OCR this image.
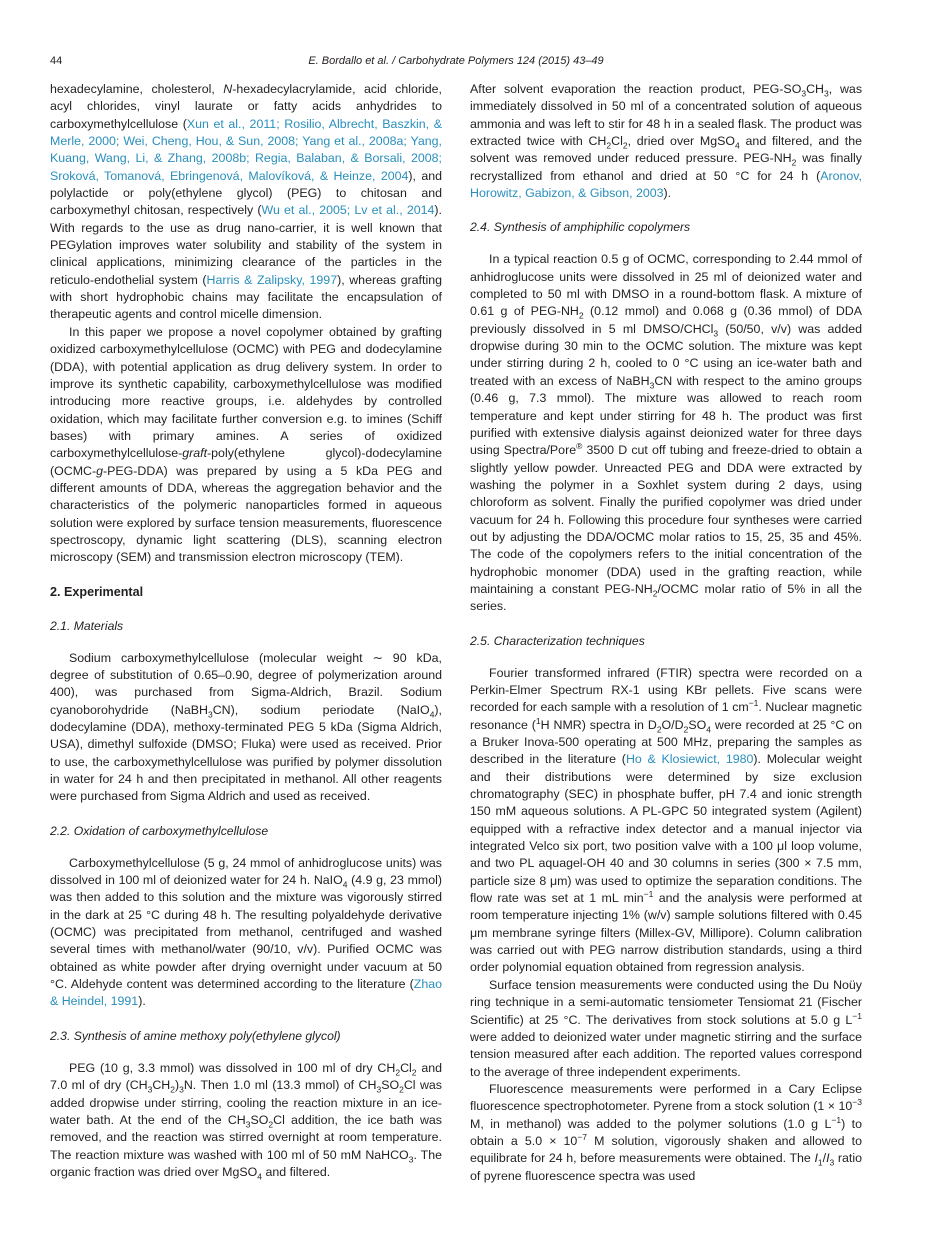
44	E. Bordallo et al. / Carbohydrate Polymers 124 (2015) 43–49

hexadecylamine, cholesterol, N-hexadecylacrylamide, acid chloride, acyl chlorides, vinyl laurate or fatty acids anhydrides to carboxymethylcellulose (Xun et al., 2011; Rosilio, Albrecht, Baszkin, & Merle, 2000; Wei, Cheng, Hou, & Sun, 2008; Yang et al., 2008a; Yang, Kuang, Wang, Li, & Zhang, 2008b; Regia, Balaban, & Borsali, 2008; Sroková, Tomanová, Ebringenová, Malovíková, & Heinze, 2004), and polylactide or poly(ethylene glycol) (PEG) to chitosan and carboxymethyl chitosan, respectively (Wu et al., 2005; Lv et al., 2014). With regards to the use as drug nano-carrier, it is well known that PEGylation improves water solubility and stability of the system in clinical applications, minimizing clearance of the particles in the reticulo-endothelial system (Harris & Zalipsky, 1997), whereas grafting with short hydrophobic chains may facilitate the encapsulation of therapeutic agents and control micelle dimension.

In this paper we propose a novel copolymer obtained by grafting oxidized carboxymethylcellulose (OCMC) with PEG and dodecylamine (DDA), with potential application as drug delivery system. In order to improve its synthetic capability, carboxymethylcellulose was modified introducing more reactive groups, i.e. aldehydes by controlled oxidation, which may facilitate further conversion e.g. to imines (Schiff bases) with primary amines. A series of oxidized carboxymethylcellulose-graft-poly(ethylene glycol)-dodecylamine (OCMC-g-PEG-DDA) was prepared by using a 5 kDa PEG and different amounts of DDA, whereas the aggregation behavior and the characteristics of the polymeric nanoparticles formed in aqueous solution were explored by surface tension measurements, fluorescence spectroscopy, dynamic light scattering (DLS), scanning electron microscopy (SEM) and transmission electron microscopy (TEM).

2. Experimental
2.1. Materials

Sodium carboxymethylcellulose (molecular weight ∼ 90 kDa, degree of substitution of 0.65–0.90, degree of polymerization around 400), was purchased from Sigma-Aldrich, Brazil. Sodium cyanoborohydride (NaBH$_3$CN), sodium periodate (NaIO$_4$), dodecylamine (DDA), methoxy-terminated PEG 5 kDa (Sigma Aldrich, USA), dimethyl sulfoxide (DMSO; Fluka) were used as received. Prior to use, the carboxymethylcellulose was purified by polymer dissolution in water for 24 h and then precipitated in methanol. All other reagents were purchased from Sigma Aldrich and used as received.

2.2. Oxidation of carboxymethylcellulose

Carboxymethylcellulose (5 g, 24 mmol of anhidroglucose units) was dissolved in 100 ml of deionized water for 24 h. NaIO$_4$ (4.9 g, 23 mmol) was then added to this solution and the mixture was vigorously stirred in the dark at 25 °C during 48 h. The resulting polyaldehyde derivative (OCMC) was precipitated from methanol, centrifuged and washed several times with methanol/water (90/10, v/v). Purified OCMC was obtained as white powder after drying overnight under vacuum at 50 °C. Aldehyde content was determined according to the literature (Zhao & Heindel, 1991).

2.3. Synthesis of amine methoxy poly(ethylene glycol)

PEG (10 g, 3.3 mmol) was dissolved in 100 ml of dry $CH_2Cl_2$ and 7.0 ml of dry $(CH_3CH_2)_3N$. Then 1.0 ml (13.3 mmol) of $CH_3SO_2Cl$ was added dropwise under stirring, cooling the reaction mixture in an ice-water bath. At the end of the $CH_3SO_2Cl$ addition, the ice bath was removed, and the reaction was stirred overnight at room temperature. The reaction mixture was washed with 100 ml of 50 mM NaHCO$_3$. The organic fraction was dried over MgSO$_4$ and filtered.

After solvent evaporation the reaction product, PEG-$SO_3CH_3$, was immediately dissolved in 50 ml of a concentrated solution of aqueous ammonia and was left to stir for 48 h in a sealed flask. The product was extracted twice with $CH_2Cl_2$, dried over MgSO$_4$ and filtered, and the solvent was removed under reduced pressure. PEG-$NH_2$ was finally recrystallized from ethanol and dried at 50 °C for 24 h (Aronov, Horowitz, Gabizon, & Gibson, 2003).

2.4. Synthesis of amphiphilic copolymers

In a typical reaction 0.5 g of OCMC, corresponding to 2.44 mmol of anhidroglucose units were dissolved in 25 ml of deionized water and completed to 50 ml with DMSO in a round-bottom flask. A mixture of 0.61 g of PEG-$NH_2$ (0.12 mmol) and 0.068 g (0.36 mmol) of DDA previously dissolved in 5 ml DMSO/CHCl$_3$ (50/50, v/v) was added dropwise during 30 min to the OCMC solution. The mixture was kept under stirring during 2 h, cooled to 0 °C using an ice-water bath and treated with an excess of NaBH$_3$CN with respect to the amino groups (0.46 g, 7.3 mmol). The mixture was allowed to reach room temperature and kept under stirring for 48 h. The product was first purified with extensive dialysis against deionized water for three days using Spectra/Pore® 3500 D cut off tubing and freeze-dried to obtain a slightly yellow powder. Unreacted PEG and DDA were extracted by washing the polymer in a Soxhlet system during 2 days, using chloroform as solvent. Finally the purified copolymer was dried under vacuum for 24 h. Following this procedure four syntheses were carried out by adjusting the DDA/OCMC molar ratios to 15, 25, 35 and 45%. The code of the copolymers refers to the initial concentration of the hydrophobic monomer (DDA) used in the grafting reaction, while maintaining a constant PEG-$NH_2$/OCMC molar ratio of 5% in all the series.

2.5. Characterization techniques

Fourier transformed infrared (FTIR) spectra were recorded on a Perkin-Elmer Spectrum RX-1 using KBr pellets. Five scans were recorded for each sample with a resolution of 1 $cm^{-1}$. Nuclear magnetic resonance ($^1$H NMR) spectra in $D_2O/D_2SO_4$ were recorded at 25 °C on a Bruker Inova-500 operating at 500 MHz, preparing the samples as described in the literature (Ho & Klosiewict, 1980). Molecular weight and their distributions were determined by size exclusion chromatography (SEC) in phosphate buffer, pH 7.4 and ionic strength 150 mM aqueous solutions. A PL-GPC 50 integrated system (Agilent) equipped with a refractive index detector and a manual injector via integrated Velco six port, two position valve with a 100 μl loop volume, and two PL aquagel-OH 40 and 30 columns in series (300 × 7.5 mm, particle size 8 μm) was used to optimize the separation conditions. The flow rate was set at 1 mL $\min^{-1}$ and the analysis were performed at room temperature injecting 1% (w/v) sample solutions filtered with 0.45 μm membrane syringe filters (Millex-GV, Millipore). Column calibration was carried out with PEG narrow distribution standards, using a third order polynomial equation obtained from regression analysis.

Surface tension measurements were conducted using the Du Noüy ring technique in a semi-automatic tensiometer Tensiomat 21 (Fischer Scientific) at 25 °C. The derivatives from stock solutions at 5.0 g $L^{-1}$ were added to deionized water under magnetic stirring and the surface tension measured after each addition. The reported values correspond to the average of three independent experiments.

Fluorescence measurements were performed in a Cary Eclipse fluorescence spectrophotometer. Pyrene from a stock solution ($1 \times 10^{-3}$ M, in methanol) was added to the polymer solutions (1.0 g $L^{-1}$) to obtain a $5.0 \times 10^{-7}$ M solution, vigorously shaken and allowed to equilibrate for 24 h, before measurements were obtained. The $I_1/I_3$ ratio of pyrene fluorescence spectra was used
